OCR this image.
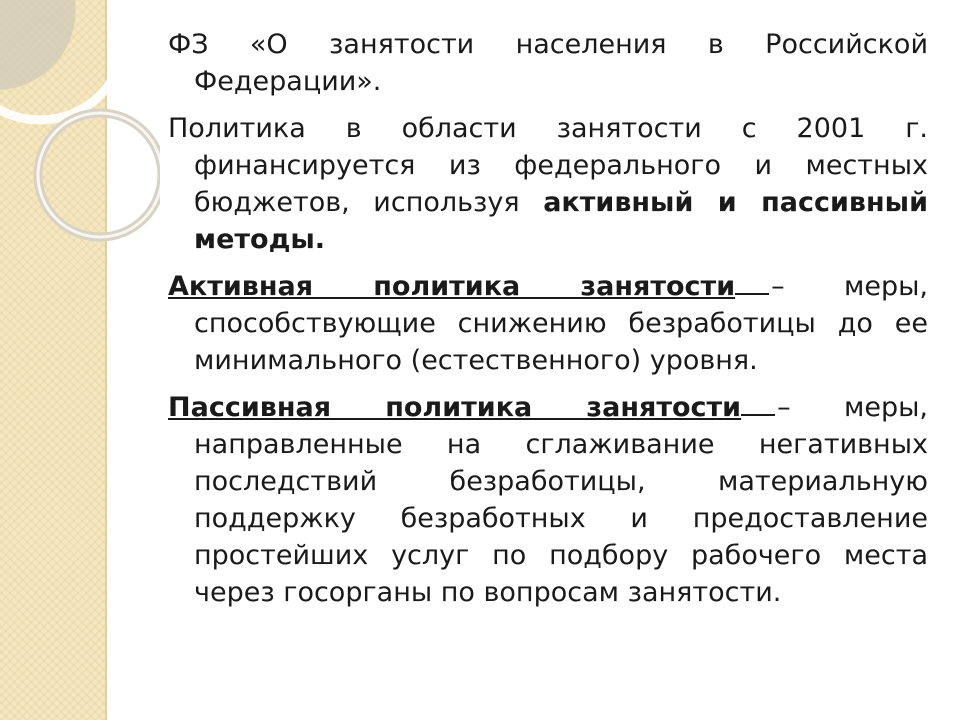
ФЗ «О занятости населения в Российской Федерации».

Политика в области занятости с 2001 г. финансируется из федерального и местных бюджетов, используя активный и пассивный методы.

Активная политика занятости – меры, способствующие снижению безработицы до ее минимального (естественного) уровня.

Пассивная политика занятости – меры, направленные на сглаживание негативных последствий безработицы, материальную поддержку безработных и предоставление простейших услуг по подбору рабочего места через госорганы по вопросам занятости.
